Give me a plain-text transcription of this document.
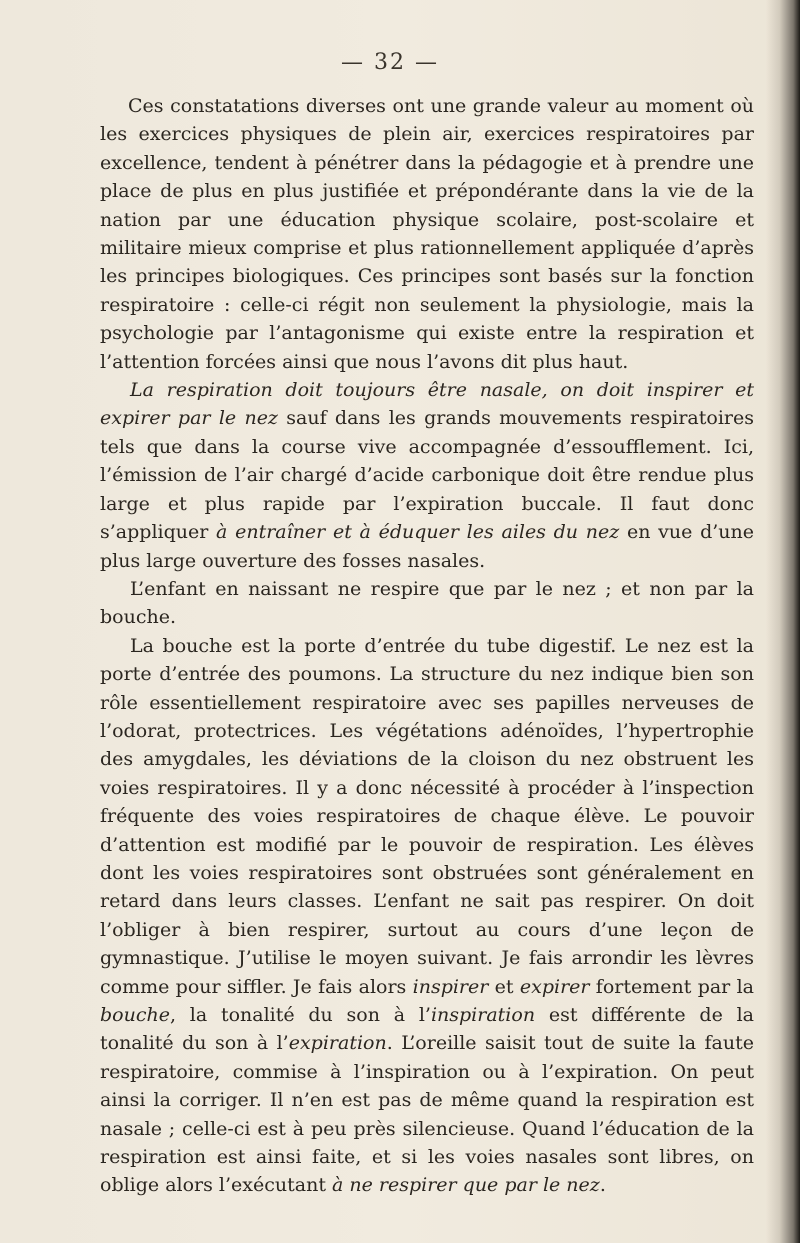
— 32 —

Ces constatations diverses ont une grande valeur au moment où les exercices physiques de plein air, exercices respiratoires par excellence, tendent à pénétrer dans la pédagogie et à prendre une place de plus en plus justifiée et prépondérante dans la vie de la nation par une éducation physique scolaire, post-scolaire et militaire mieux comprise et plus rationnellement appliquée d’après les principes biologiques. Ces principes sont basés sur la fonction respiratoire : celle-ci régit non seulement la physiologie, mais la psychologie par l’antagonisme qui existe entre la respiration et l’attention forcées ainsi que nous l’avons dit plus haut.

La respiration doit toujours être nasale, on doit inspirer et expirer par le nez sauf dans les grands mouvements respiratoires tels que dans la course vive accompagnée d’essoufflement. Ici, l’émission de l’air chargé d’acide carbonique doit être rendue plus large et plus rapide par l’expiration buccale. Il faut donc s’appliquer à entraîner et à éduquer les ailes du nez en vue d’une plus large ouverture des fosses nasales.

L’enfant en naissant ne respire que par le nez ; et non par la bouche.

La bouche est la porte d’entrée du tube digestif. Le nez est la porte d’entrée des poumons. La structure du nez indique bien son rôle essentiellement respiratoire avec ses papilles nerveuses de l’odorat, protectrices. Les végétations adénoïdes, l’hypertrophie des amygdales, les déviations de la cloison du nez obstruent les voies respiratoires. Il y a donc nécessité à procéder à l’inspection fréquente des voies respiratoires de chaque élève. Le pouvoir d’attention est modifié par le pouvoir de respiration. Les élèves dont les voies respiratoires sont obstruées sont généralement en retard dans leurs classes. L’enfant ne sait pas respirer. On doit l’obliger à bien respirer, surtout au cours d’une leçon de gymnastique. J’utilise le moyen suivant. Je fais arrondir les lèvres comme pour siffler. Je fais alors inspirer et expirer fortement par la bouche, la tonalité du son à l’inspiration est différente de la tonalité du son à l’expiration. L’oreille saisit tout de suite la faute respiratoire, commise à l’inspiration ou à l’expiration. On peut ainsi la corriger. Il n’en est pas de même quand la respiration est nasale ; celle-ci est à peu près silencieuse. Quand l’éducation de la respiration est ainsi faite, et si les voies nasales sont libres, on oblige alors l’exécutant à ne respirer que par le nez.
